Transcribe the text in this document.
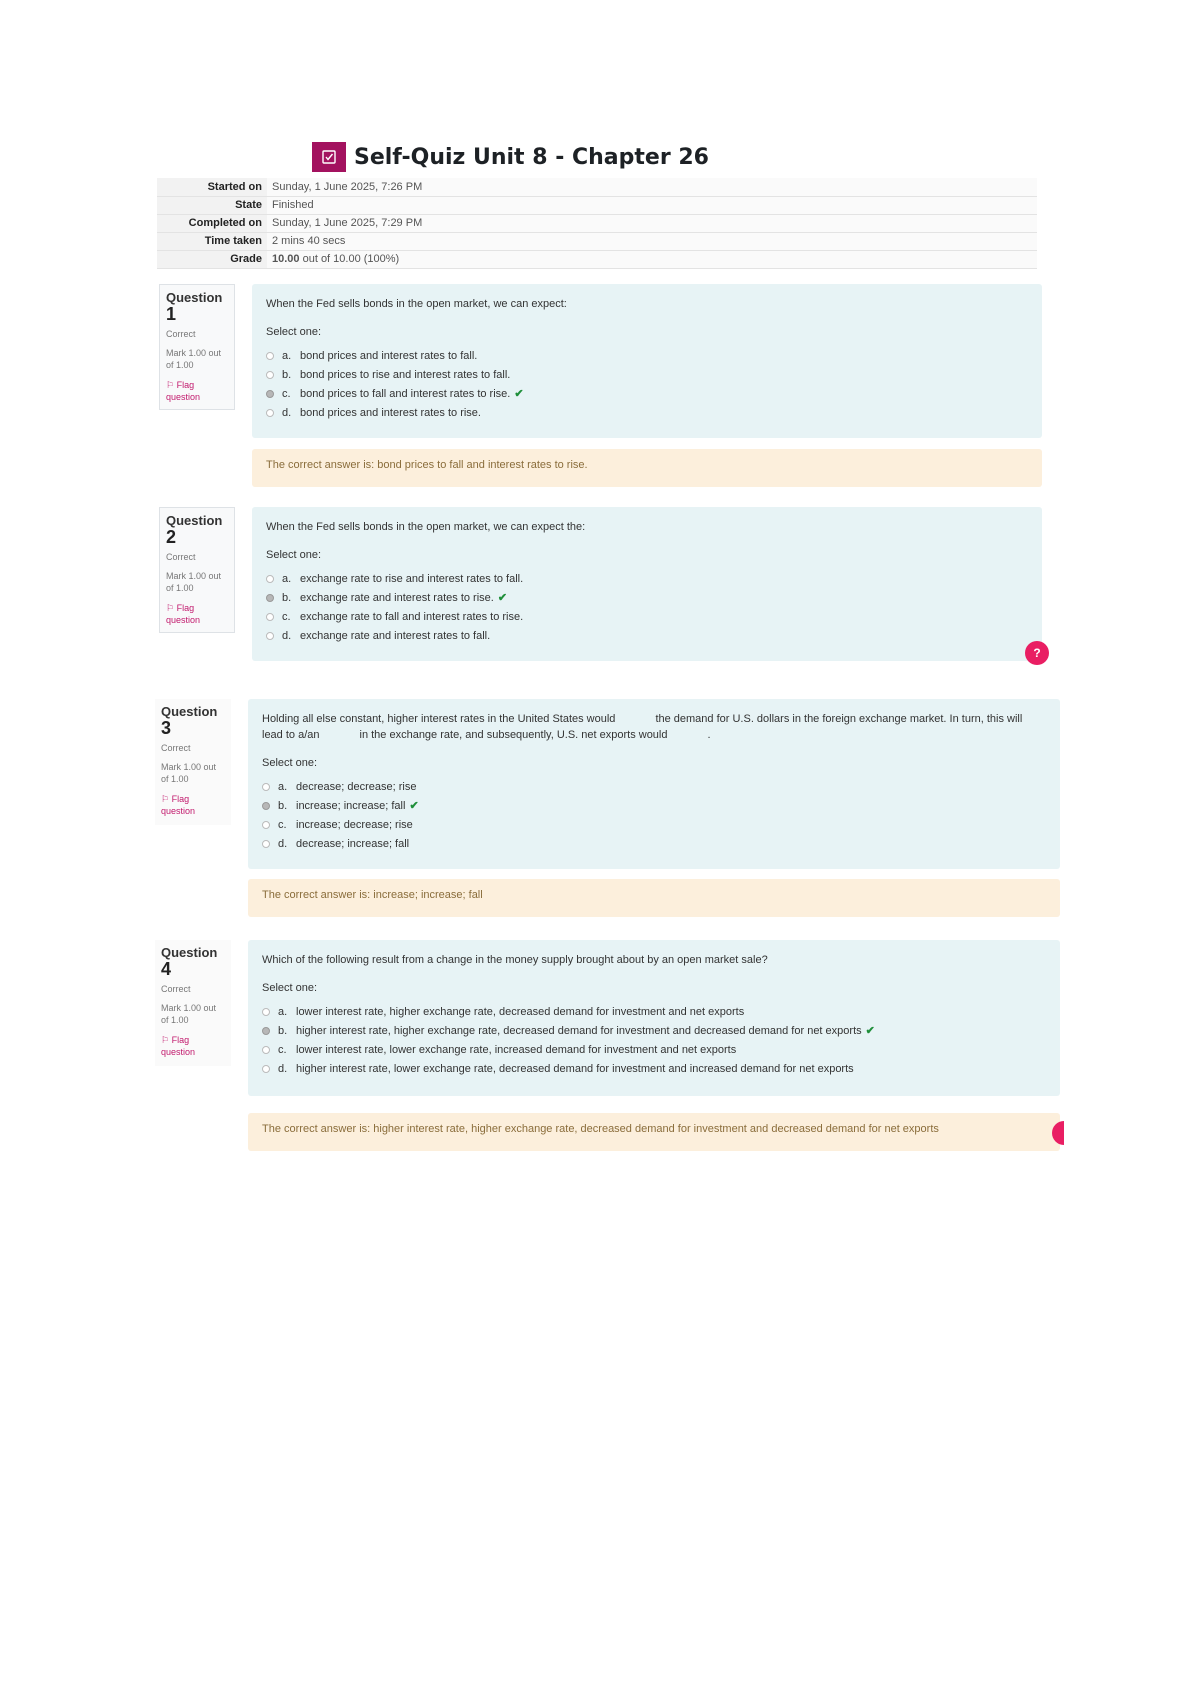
Self-Quiz Unit 8 - Chapter 26
Started on	Sunday, 1 June 2025, 7:26 PM
State	Finished
Completed on	Sunday, 1 June 2025, 7:29 PM
Time taken	2 mins 40 secs
Grade	10.00 out of 10.00 (100%)
Question
1
Correct
Mark 1.00 out of 1.00
⚐ Flag question
When the Fed sells bonds in the open market, we can expect:
Select one:
a. bond prices and interest rates to fall.
b. bond prices to rise and interest rates to fall.
c. bond prices to fall and interest rates to rise. ✔
d. bond prices and interest rates to rise.
The correct answer is: bond prices to fall and interest rates to rise.
Question
2
Correct
Mark 1.00 out of 1.00
⚐ Flag question
When the Fed sells bonds in the open market, we can expect the:
Select one:
a. exchange rate to rise and interest rates to fall.
b. exchange rate and interest rates to rise. ✔
c. exchange rate to fall and interest rates to rise.
d. exchange rate and interest rates to fall.
?
Question
3
Correct
Mark 1.00 out of 1.00
⚐ Flag question
Holding all else constant, higher interest rates in the United States would	the demand for U.S. dollars in the foreign exchange market. In turn, this will lead to a/an	in the exchange rate, and subsequently, U.S. net exports would	.
Select one:
a. decrease; decrease; rise
b. increase; increase; fall ✔
c. increase; decrease; rise
d. decrease; increase; fall
The correct answer is: increase; increase; fall
Question
4
Correct
Mark 1.00 out of 1.00
⚐ Flag question
Which of the following result from a change in the money supply brought about by an open market sale?
Select one:
a. lower interest rate, higher exchange rate, decreased demand for investment and net exports
b. higher interest rate, higher exchange rate, decreased demand for investment and decreased demand for net exports ✔
c. lower interest rate, lower exchange rate, increased demand for investment and net exports
d. higher interest rate, lower exchange rate, decreased demand for investment and increased demand for net exports
The correct answer is: higher interest rate, higher exchange rate, decreased demand for investment and decreased demand for net exports
